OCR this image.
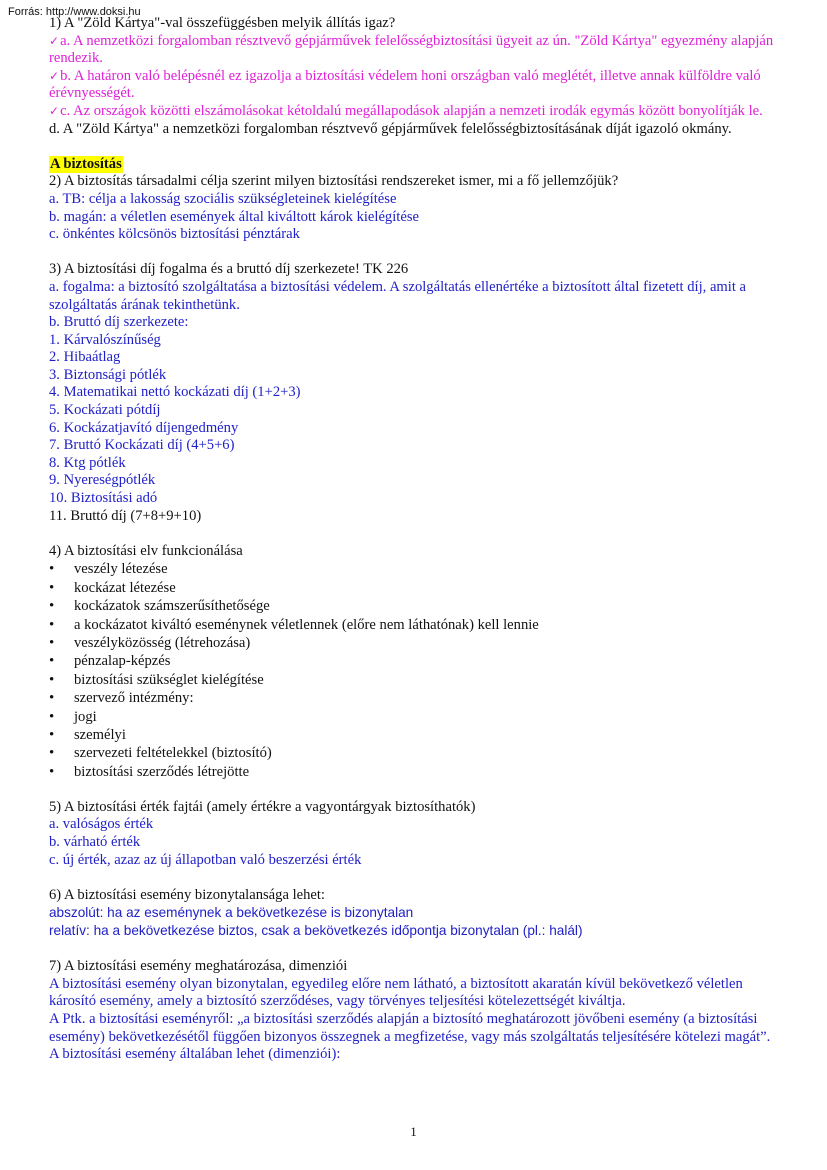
Forrás: http://www.doksi.hu
1) A "Zöld Kártya"-val összefüggésben melyik állítás igaz?
✓a. A nemzetközi forgalomban résztvevő gépjárművek felelősségbiztosítási ügyeit az ún. "Zöld Kártya" egyezmény alapján rendezik.
✓b. A határon való belépésnél ez igazolja a biztosítási védelem honi országban való meglétét, illetve annak külföldre való érévnyességét.
✓c. Az országok közötti elszámolásokat kétoldalú megállapodások alapján a nemzeti irodák egymás között bonyolítják le.
d. A "Zöld Kártya" a nemzetközi forgalomban résztvevő gépjárművek felelősségbiztosításának díját igazoló okmány.
A biztosítás
2) A biztosítás társadalmi célja szerint milyen biztosítási rendszereket ismer, mi a fő jellemzőjük?
a. TB: célja a lakosság szociális szükségleteinek kielégítése
b. magán: a véletlen események által kiváltott károk kielégítése
c. önkéntes kölcsönös biztosítási pénztárak
3) A biztosítási díj fogalma és a bruttó díj szerkezete! TK 226
a. fogalma: a biztosító szolgáltatása a biztosítási védelem. A szolgáltatás ellenértéke a biztosított által fizetett díj, amit a szolgáltatás árának tekinthetünk.
b. Bruttó díj szerkezete:
1. Kárvalószínűség
2. Hibaátlag
3. Biztonsági pótlék
4. Matematikai nettó kockázati díj (1+2+3)
5. Kockázati pótdíj
6. Kockázatjavító díjengedmény
7. Bruttó Kockázati díj (4+5+6)
8. Ktg pótlék
9. Nyereségpótlék
10. Biztosítási adó
11. Bruttó díj (7+8+9+10)
4) A biztosítási elv funkcionálása
• veszély létezése
• kockázat létezése
• kockázatok számszerűsíthetősége
• a kockázatot kiváltó eseménynek véletlennek (előre nem láthatónak) kell lennie
• veszélyközösség (létrehozása)
• pénzalap-képzés
• biztosítási szükséglet kielégítése
• szervező intézmény:
• jogi
• személyi
• szervezeti feltételekkel (biztosító)
• biztosítási szerződés létrejötte
5) A biztosítási érték fajtái (amely értékre a vagyontárgyak biztosíthatók)
a. valóságos érték
b. várható érték
c. új érték, azaz az új állapotban való beszerzési érték
6) A biztosítási esemény bizonytalansága lehet:
abszolút: ha az eseménynek a bekövetkezése is bizonytalan
relatív: ha a bekövetkezése biztos, csak a bekövetkezés időpontja bizonytalan (pl.: halál)
7) A biztosítási esemény meghatározása, dimenziói
A biztosítási esemény olyan bizonytalan, egyedileg előre nem látható, a biztosított akaratán kívül bekövetkező véletlen károsító esemény, amely a biztosító szerződéses, vagy törvényes teljesítési kötelezettségét kiváltja.
A Ptk. a biztosítási eseményről: „a biztosítási szerződés alapján a biztosító meghatározott jövőbeni esemény (a biztosítási esemény) bekövetkezésétől függően bizonyos összegnek a megfizetése, vagy más szolgáltatás teljesítésére kötelezi magát”.
A biztosítási esemény általában lehet (dimenziói):
1
